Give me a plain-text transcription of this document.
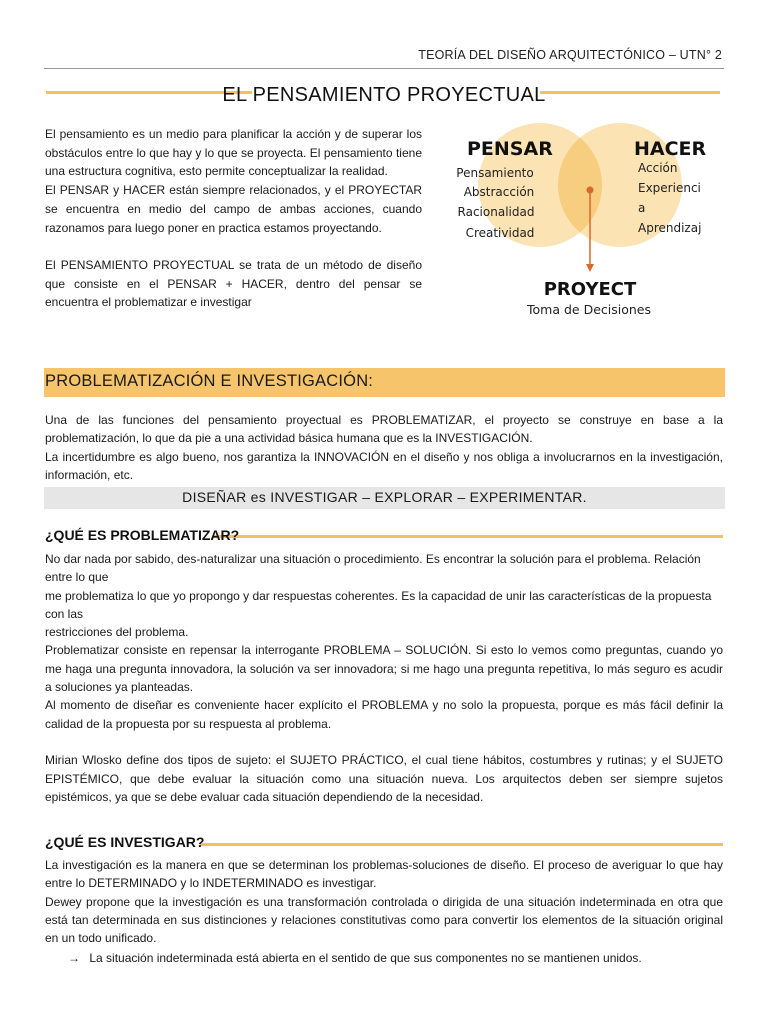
TEORÍA DEL DISEÑO ARQUITECTÓNICO – UTN° 2
EL PENSAMIENTO PROYECTUAL

El pensamiento es un medio para planificar la acción y de superar los obstáculos entre lo que hay y lo que se proyecta. El pensamiento tiene una estructura cognitiva, esto permite conceptualizar la realidad.

El PENSAR y HACER están siempre relacionados, y el PROYECTAR se encuentra en medio del campo de ambas acciones, cuando razonamos para luego poner en practica estamos proyectando.

El PENSAMIENTO PROYECTUAL se trata de un método de diseño que consiste en el PENSAR + HACER, dentro del pensar se encuentra el problematizar e investigar

PENSAR
Pensamiento
Abstracción
Racionalidad
Creatividad
HACER
Acción
Experienci
a
Aprendizaj
PROYECT
Toma de Decisiones
PROBLEMATIZACIÓN E INVESTIGACIÓN:

Una de las funciones del pensamiento proyectual es PROBLEMATIZAR, el proyecto se construye en base a la problematización, lo que da pie a una actividad básica humana que es la INVESTIGACIÓN.

La incertidumbre es algo bueno, nos garantiza la INNOVACIÓN en el diseño y nos obliga a involucrarnos en la investigación, información, etc.

DISEÑAR es INVESTIGAR – EXPLORAR – EXPERIMENTAR.
¿QUÉ ES PROBLEMATIZAR?

No dar nada por sabido, des-naturalizar una situación o procedimiento. Es encontrar la solución para el problema. Relación entre lo que

me problematiza lo que yo propongo y dar respuestas coherentes. Es la capacidad de unir las características de la propuesta con las

restricciones del problema.

Problematizar consiste en repensar la interrogante PROBLEMA – SOLUCIÓN. Si esto lo vemos como preguntas, cuando yo me haga una pregunta innovadora, la solución va ser innovadora; si me hago una pregunta repetitiva, lo más seguro es acudir a soluciones ya planteadas.

Al momento de diseñar es conveniente hacer explícito el PROBLEMA y no solo la propuesta, porque es más fácil definir la calidad de la propuesta por su respuesta al problema.

Mirian Wlosko define dos tipos de sujeto: el SUJETO PRÁCTICO, el cual tiene hábitos, costumbres y rutinas; y el SUJETO EPISTÉMICO, que debe evaluar la situación como una situación nueva. Los arquitectos deben ser siempre sujetos epistémicos, ya que se debe evaluar cada situación dependiendo de la necesidad.

¿QUÉ ES INVESTIGAR?

La investigación es la manera en que se determinan los problemas-soluciones de diseño. El proceso de averiguar lo que hay entre lo DETERMINADO y lo INDETERMINADO es investigar.

Dewey propone que la investigación es una transformación controlada o dirigida de una situación indeterminada en otra que está tan determinada en sus distinciones y relaciones constitutivas como para convertir los elementos de la situación original en un todo unificado.

→ La situación indeterminada está abierta en el sentido de que sus componentes no se mantienen unidos.
